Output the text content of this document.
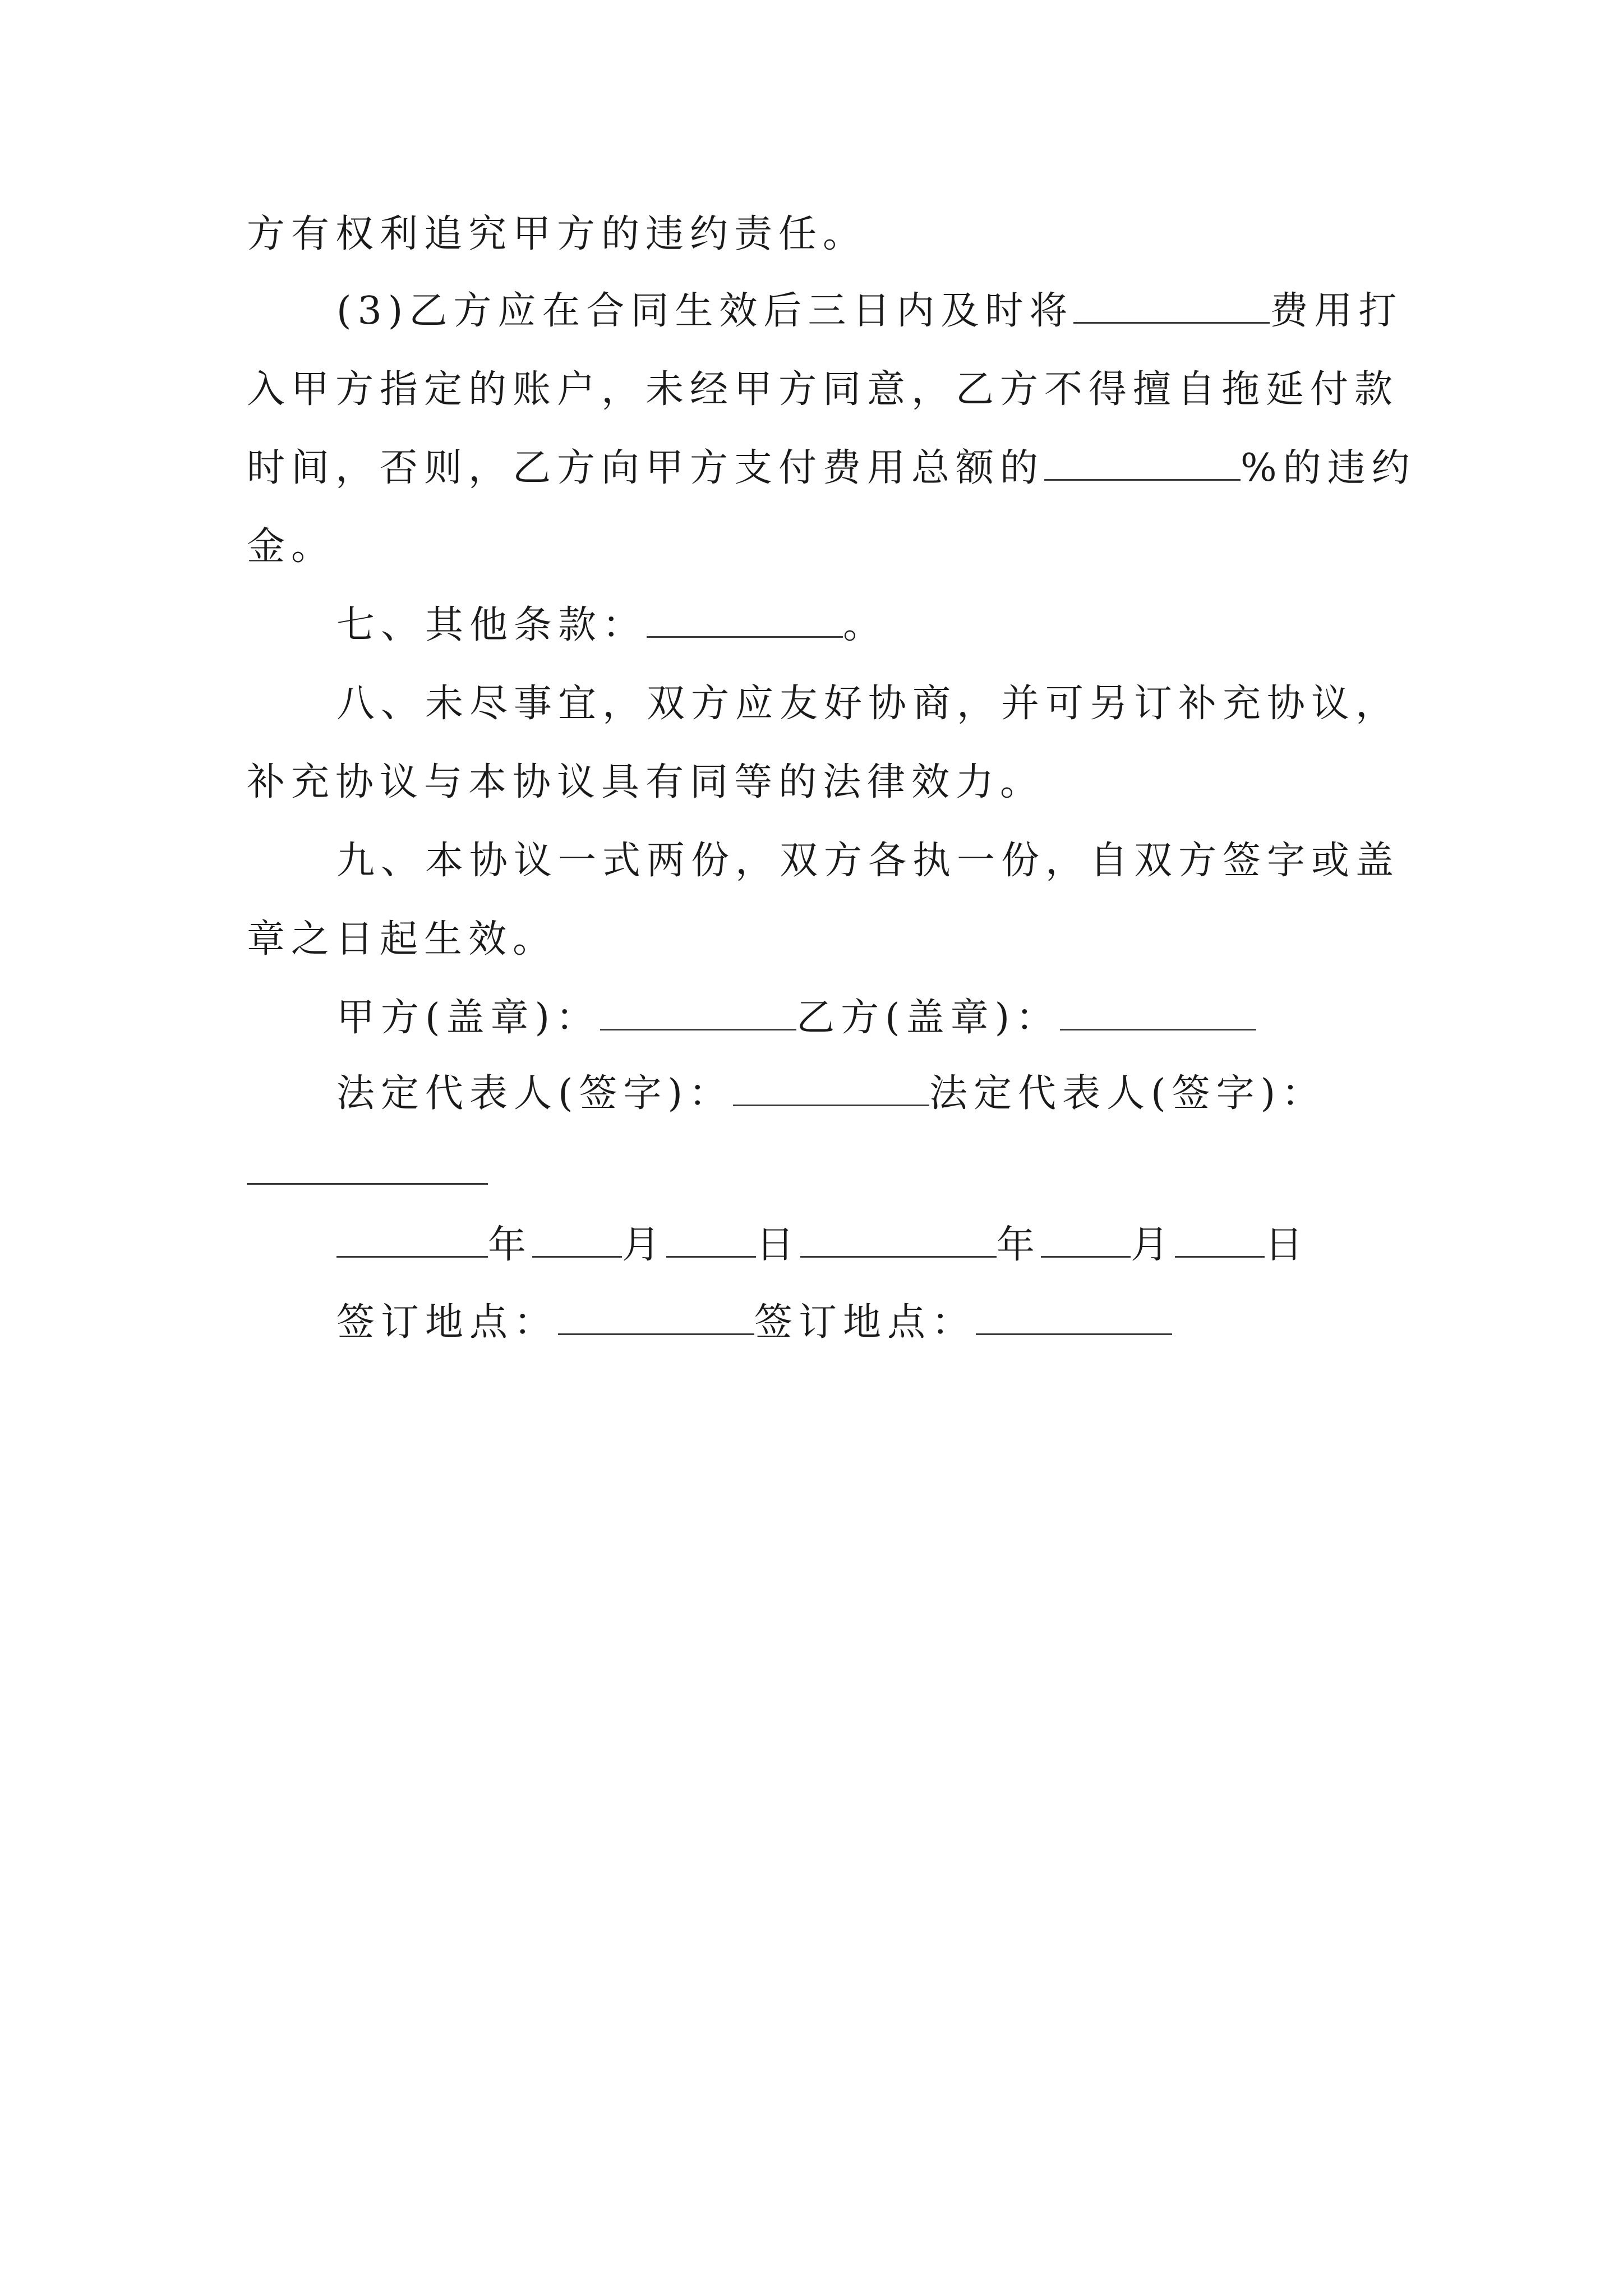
方有权利追究甲方的违约责任。
(3)乙方应在合同生效后三日内及时将	费用打
入甲方指定的账户，未经甲方同意，乙方不得擅自拖延付款
时间，否则，乙方向甲方支付费用总额的	%的违约
金。
七、其他条款：	。
八、未尽事宜，双方应友好协商，并可另订补充协议，
补充协议与本协议具有同等的法律效力。
九、本协议一式两份，双方各执一份，自双方签字或盖
章之日起生效。
甲方(盖章)：	乙方(盖章)：
法定代表人(签字)：	法定代表人(签字)：
年 月 日	年 月 日
签订地点：	签订地点：
